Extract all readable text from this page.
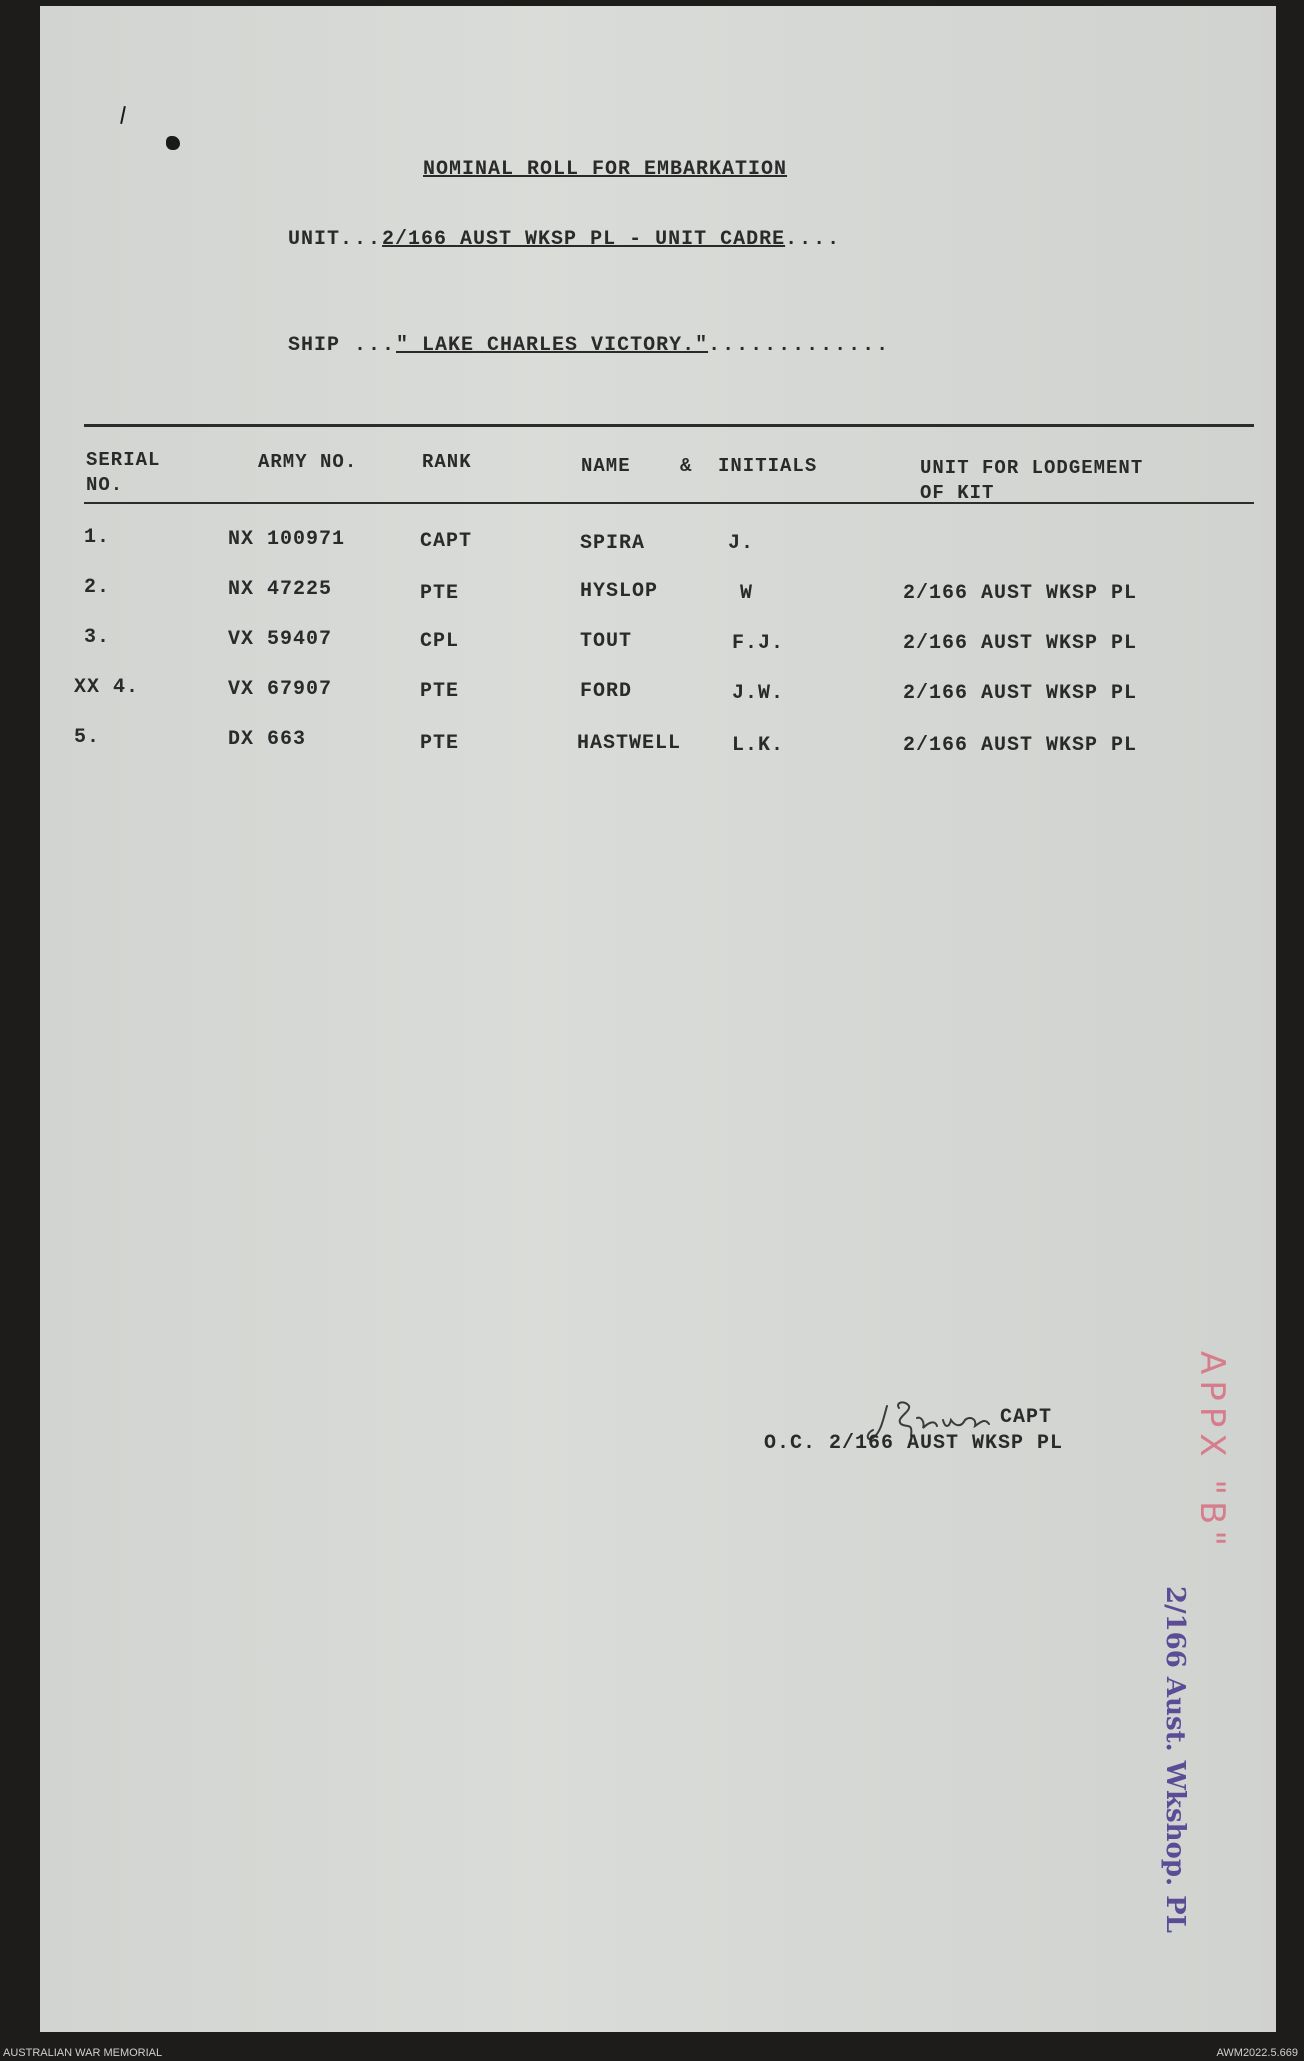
NOMINAL ROLL FOR EMBARKATION
UNIT...2/166 AUST WKSP PL - UNIT CADRE....
SHIP ..." LAKE CHARLES VICTORY.".............
SERIAL
NO.
ARMY NO.	RANK	NAME	& INITIALS	UNIT FOR LODGEMENT
OF KIT
1.	NX 100971	CAPT	SPIRA	J.
2.	NX 47225	PTE	HYSLOP	W	2/166 AUST WKSP PL
3.	VX 59407	CPL	TOUT	F.J.	2/166 AUST WKSP PL
XX 4.	VX 67907	PTE	FORD	J.W.	2/166 AUST WKSP PL
5.	DX 663	PTE	HASTWELL	L.K.	2/166 AUST WKSP PL
CAPT
O.C. 2/166 AUST WKSP PL	APPX "B"
2/166 Aust. Wkshop. PL
AUSTRALIAN WAR MEMORIAL	AWM2022.5.669
